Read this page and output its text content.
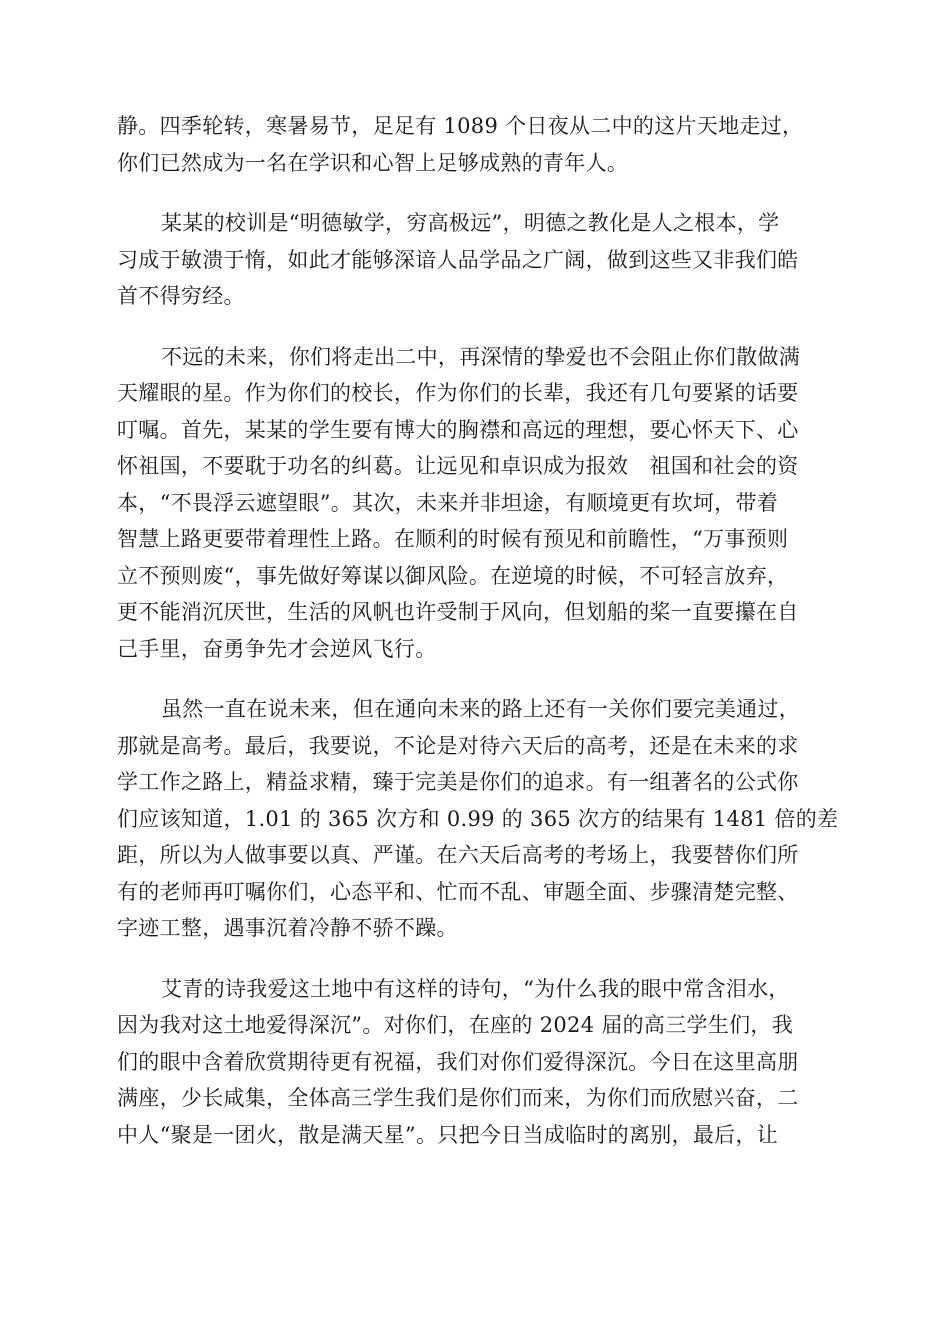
静。四季轮转，寒暑易节，足足有 1089 个日夜从二中的这片天地走过，
你们已然成为一名在学识和心智上足够成熟的青年人。

某某的校训是“明德敏学，穷高极远”，明德之教化是人之根本，学
习成于敏溃于惰，如此才能够深谙人品学品之广阔，做到这些又非我们皓
首不得穷经。

不远的未来，你们将走出二中，再深情的挚爱也不会阻止你们散做满
天耀眼的星。作为你们的校长，作为你们的长辈，我还有几句要紧的话要
叮嘱。首先，某某的学生要有博大的胸襟和高远的理想，要心怀天下、心
怀祖国，不要耽于功名的纠葛。让远见和卓识成为报效　祖国和社会的资
本，“不畏浮云遮望眼”。其次，未来并非坦途，有顺境更有坎坷，带着
智慧上路更要带着理性上路。在顺利的时候有预见和前瞻性，“万事预则
立不预则废“，事先做好筹谋以御风险。在逆境的时候，不可轻言放弃，
更不能消沉厌世，生活的风帆也许受制于风向，但划船的桨一直要攥在自
己手里，奋勇争先才会逆风飞行。

虽然一直在说未来，但在通向未来的路上还有一关你们要完美通过，
那就是高考。最后，我要说，不论是对待六天后的高考，还是在未来的求
学工作之路上，精益求精，臻于完美是你们的追求。有一组著名的公式你
们应该知道，1.01 的 365 次方和 0.99 的 365 次方的结果有 1481 倍的差
距，所以为人做事要以真、严谨。在六天后高考的考场上，我要替你们所
有的老师再叮嘱你们，心态平和、忙而不乱、审题全面、步骤清楚完整、
字迹工整，遇事沉着冷静不骄不躁。

艾青的诗我爱这土地中有这样的诗句，“为什么我的眼中常含泪水，
因为我对这土地爱得深沉”。对你们，在座的 2024 届的高三学生们，我
们的眼中含着欣赏期待更有祝福，我们对你们爱得深沉。今日在这里高朋
满座，少长咸集，全体高三学生我们是你们而来，为你们而欣慰兴奋，二
中人“聚是一团火，散是满天星”。只把今日当成临时的离别，最后，让
